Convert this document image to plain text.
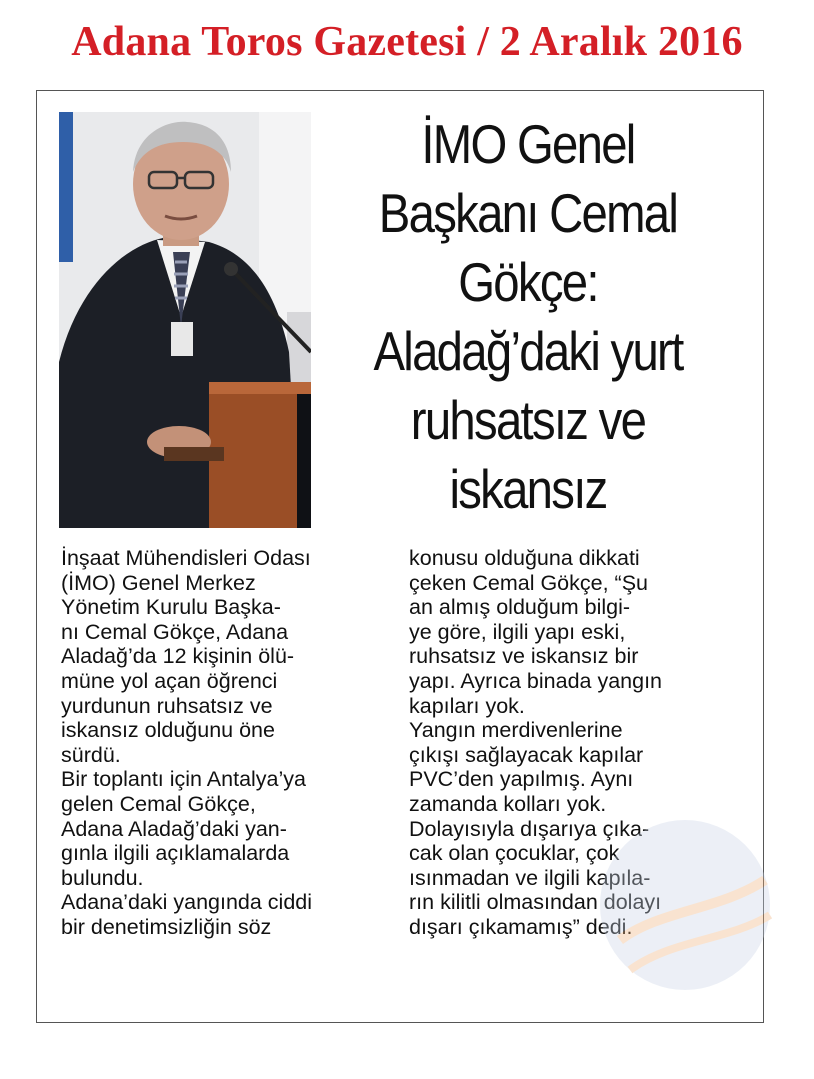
Adana Toros Gazetesi / 2 Aralık 2016
İMO Genel
Başkanı Cemal
Gökçe:
Aladağ’daki yurt
ruhsatsız ve
iskansız
İnşaat Mühendisleri Odası
(İMO) Genel Merkez
Yönetim Kurulu Başka-
nı Cemal Gökçe, Adana
Aladağ’da 12 kişinin ölü-
müne yol açan öğrenci
yurdunun ruhsatsız ve
iskansız olduğunu öne
sürdü.
Bir toplantı için Antalya’ya
gelen Cemal Gökçe,
Adana Aladağ’daki yan-
gınla ilgili açıklamalarda
bulundu.
Adana’daki yangında ciddi
bir denetimsizliğin söz
konusu olduğuna dikkati
çeken Cemal Gökçe, “Şu
an almış olduğum bilgi-
ye göre, ilgili yapı eski,
ruhsatsız ve iskansız bir
yapı. Ayrıca binada yangın
kapıları yok.
Yangın merdivenlerine
çıkışı sağlayacak kapılar
PVC’den yapılmış. Aynı
zamanda kolları yok.
Dolayısıyla dışarıya çıka-
cak olan çocuklar, çok
ısınmadan ve ilgili kapıla-
rın kilitli olmasından dolayı
dışarı çıkamamış” dedi.
